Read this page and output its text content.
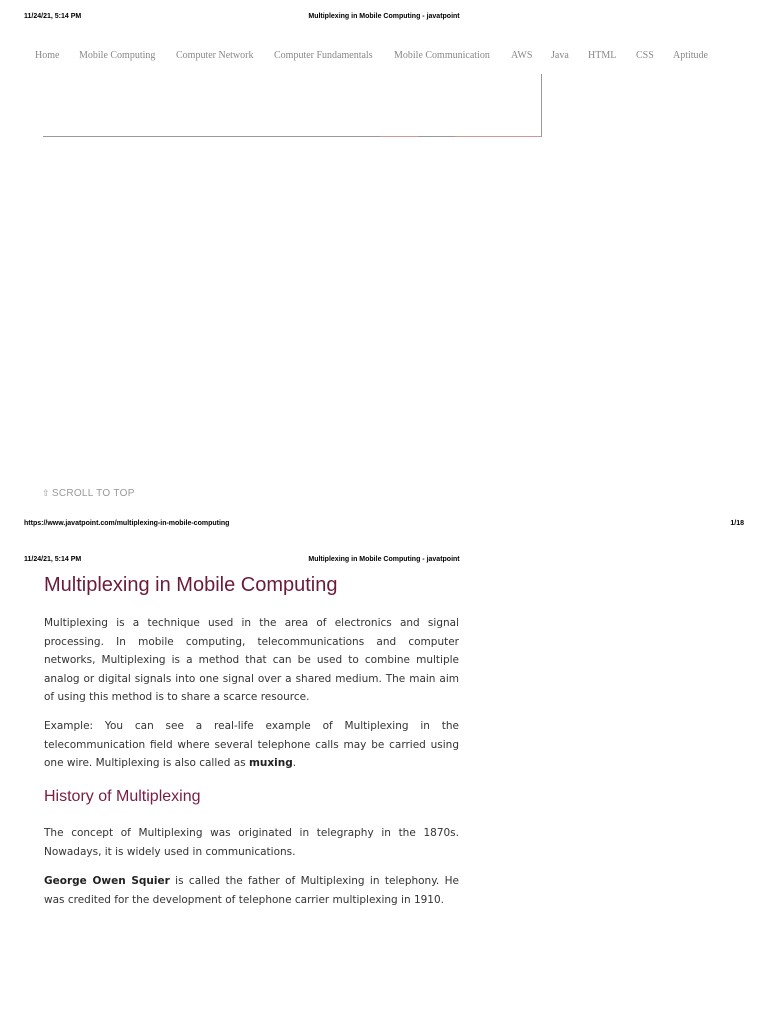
11/24/21, 5:14 PM	Multiplexing in Mobile Computing - javatpoint
Home Mobile Computing Computer Network Computer Fundamentals Mobile Communication AWS Java HTML CSS Aptitude
⇧ SCROLL TO TOP
https://www.javatpoint.com/multiplexing-in-mobile-computing	1/18
11/24/21, 5:14 PM	Multiplexing in Mobile Computing - javatpoint
Multiplexing in Mobile Computing
Multiplexing is a technique used in the area of electronics and signal processing. In mobile computing, telecommunications and computer networks, Multiplexing is a method that can be used to combine multiple analog or digital signals into one signal over a shared medium. The main aim of using this method is to share a scarce resource.
Example: You can see a real-life example of Multiplexing in the telecommunication field where several telephone calls may be carried using one wire. Multiplexing is also called as muxing.
History of Multiplexing
The concept of Multiplexing was originated in telegraphy in the 1870s. Nowadays, it is widely used in communications.
George Owen Squier is called the father of Multiplexing in telephony. He was credited for the development of telephone carrier multiplexing in 1910.
